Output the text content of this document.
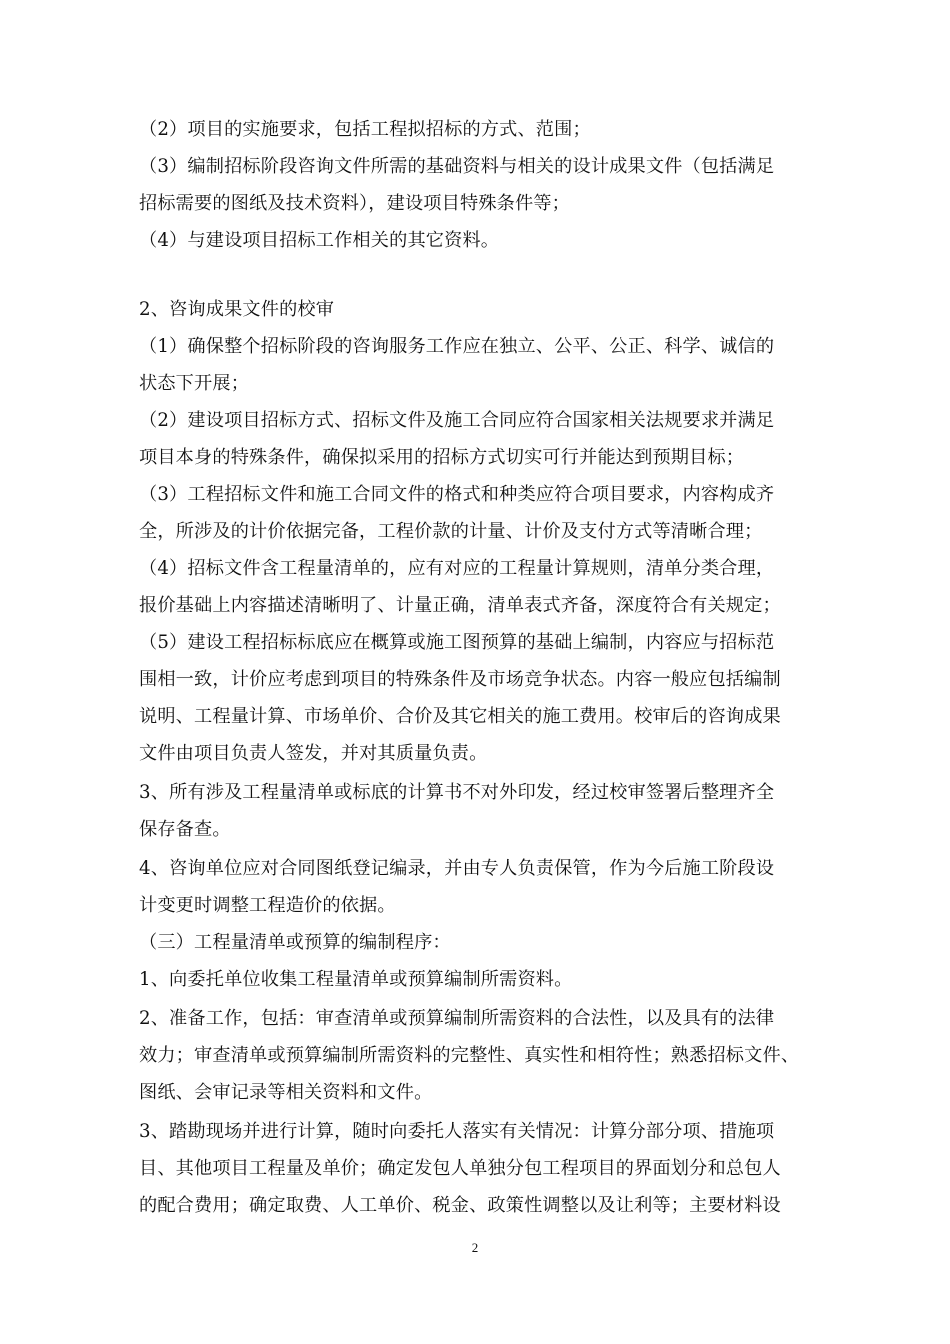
（2）项目的实施要求，包括工程拟招标的方式、范围；
（3）编制招标阶段咨询文件所需的基础资料与相关的设计成果文件（包括满足
招标需要的图纸及技术资料），建设项目特殊条件等；
（4）与建设项目招标工作相关的其它资料。
2、咨询成果文件的校审
（1）确保整个招标阶段的咨询服务工作应在独立、公平、公正、科学、诚信的
状态下开展；
（2）建设项目招标方式、招标文件及施工合同应符合国家相关法规要求并满足
项目本身的特殊条件，确保拟采用的招标方式切实可行并能达到预期目标；
（3）工程招标文件和施工合同文件的格式和种类应符合项目要求，内容构成齐
全，所涉及的计价依据完备，工程价款的计量、计价及支付方式等清晰合理；
（4）招标文件含工程量清单的，应有对应的工程量计算规则，清单分类合理，
报价基础上内容描述清晰明了、计量正确，清单表式齐备，深度符合有关规定；
（5）建设工程招标标底应在概算或施工图预算的基础上编制，内容应与招标范
围相一致，计价应考虑到项目的特殊条件及市场竞争状态。内容一般应包括编制
说明、工程量计算、市场单价、合价及其它相关的施工费用。校审后的咨询成果
文件由项目负责人签发，并对其质量负责。
3、所有涉及工程量清单或标底的计算书不对外印发，经过校审签署后整理齐全
保存备查。
4、咨询单位应对合同图纸登记编录，并由专人负责保管，作为今后施工阶段设
计变更时调整工程造价的依据。
（三）工程量清单或预算的编制程序：
1、向委托单位收集工程量清单或预算编制所需资料。
2、准备工作，包括：审查清单或预算编制所需资料的合法性，以及具有的法律
效力；审查清单或预算编制所需资料的完整性、真实性和相符性；熟悉招标文件、
图纸、会审记录等相关资料和文件。
3、踏勘现场并进行计算，随时向委托人落实有关情况：计算分部分项、措施项
目、其他项目工程量及单价；确定发包人单独分包工程项目的界面划分和总包人
的配合费用；确定取费、人工单价、税金、政策性调整以及让利等；主要材料设
2
